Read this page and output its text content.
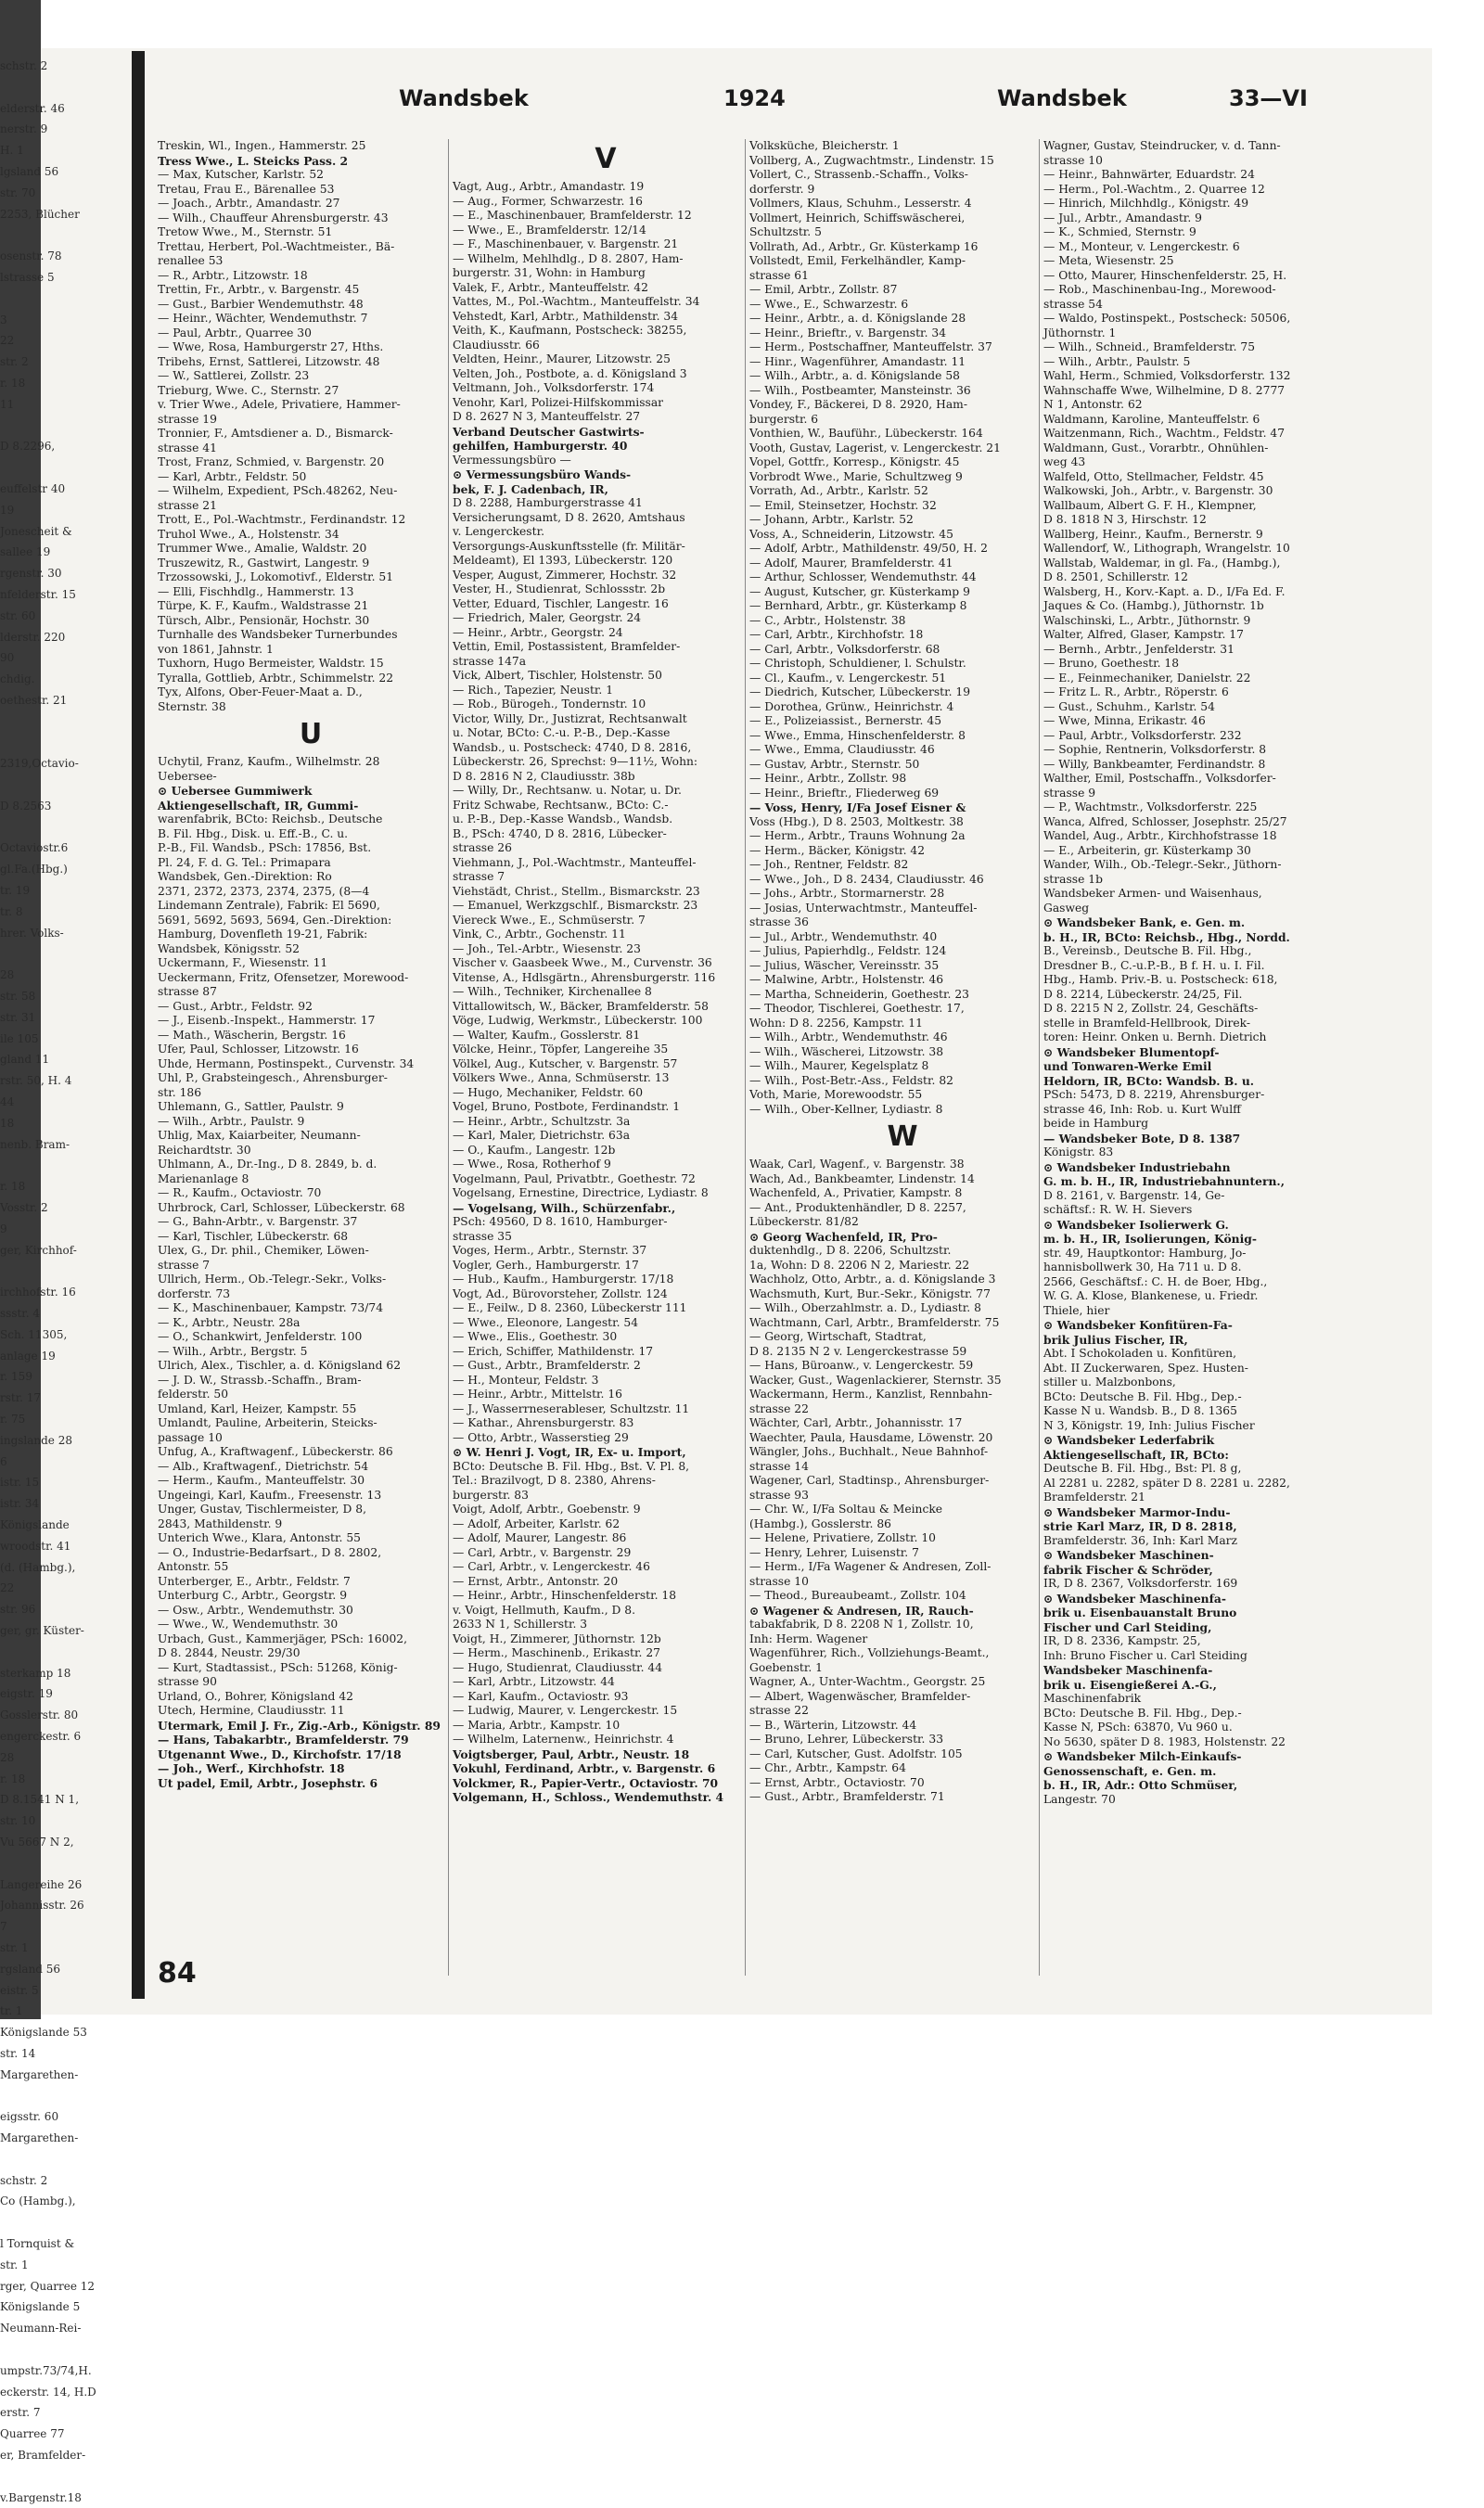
schstr. 2

elderstr. 46
nerstr. 9
H. 1
lgsland 56
str. 70
2253, Blücher

osenstr. 78
lstrasse 5

3
22
str. 2
r. 18
11

D 8.2296,

euffelstr 40
19
Jonescheit &
sallee 19
rgenstr. 30
nfelderstr. 15
str. 60
lderstr. 220
90
chdig.
oethestr. 21

2319,Octavio-

D 8.2563

Octaviostr.6
gl.Fa.(Hbg.)
tr. 19
tr. 8
hrer. Volks-

28
str. 58
str. 31
ile 105
gland 11
rstr. 50, H. 4
44
18
nenb. Bram-

r. 18
Vosstr. 2
9
ger, Kirchhof-

irchhofstr. 16
ssstr. 4
Sch. 11305,
anlage 19
r. 159
rstr. 17
r. 75
ingslande 28
6
istr. 15
istr. 34
Königslande
wroodstr. 41
(d. (Hambg.),
22
str. 96
ger, gr. Küster-

sterkamp 18
eigstr. 19
Gosslerstr. 80
engerckestr. 6
28
r. 18
D 8.1541 N 1,
str. 10
Vu 5667 N 2,

Langereihe 26
Johannisstr. 26
7
str. 1
rgsland 56
eistr. 5
tr. 1
Königslande 53
str. 14
Margarethen-

eigsstr. 60
Margarethen-

schstr. 2
Co (Hambg.),

l Tornquist &
str. 1
rger, Quarree 12
Königslande 5
Neumann-Rei-

umpstr.73/74,H.
eckerstr. 14, H.D
erstr. 7
Quarree 77
er, Bramfelder-

v.Bargenstr.18
Wandsbek	1924	Wandsbek	33—VI
Treskin, Wl., Ingen., Hammerstr. 25
Tress Wwe., L. Steicks Pass. 2
— Max, Kutscher, Karlstr. 52
Tretau, Frau E., Bärenallee 53
— Joach., Arbtr., Amandastr. 27
— Wilh., Chauffeur Ahrensburgerstr. 43
Tretow Wwe., M., Sternstr. 51
Trettau, Herbert, Pol.-Wachtmeister., Bä-
renallee 53
— R., Arbtr., Litzowstr. 18
Trettin, Fr., Arbtr., v. Bargenstr. 45
— Gust., Barbier Wendemuthstr. 48
— Heinr., Wächter, Wendemuthstr. 7
— Paul, Arbtr., Quarree 30
— Wwe, Rosa, Hamburgerstr 27, Hths.
Tribehs, Ernst, Sattlerei, Litzowstr. 48
— W., Sattlerei, Zollstr. 23
Trieburg, Wwe. C., Sternstr. 27
v. Trier Wwe., Adele, Privatiere, Hammer-
strasse 19
Tronnier, F., Amtsdiener a. D., Bismarck-
strasse 41
Trost, Franz, Schmied, v. Bargenstr. 20
— Karl, Arbtr., Feldstr. 50
— Wilhelm, Expedient, PSch.48262, Neu-
strasse 21
Trott, E., Pol.-Wachtmstr., Ferdinandstr. 12
Truhol Wwe., A., Holstenstr. 34
Trummer Wwe., Amalie, Waldstr. 20
Truszewitz, R., Gastwirt, Langestr. 9
Trzossowski, J., Lokomotivf., Elderstr. 51
— Elli, Fischhdlg., Hammerstr. 13
Türpe, K. F., Kaufm., Waldstrasse 21
Türsch, Albr., Pensionär, Hochstr. 30
Turnhalle des Wandsbeker Turnerbundes
von 1861, Jahnstr. 1
Tuxhorn, Hugo Bermeister, Waldstr. 15
Tyralla, Gottlieb, Arbtr., Schimmelstr. 22
Tyx, Alfons, Ober-Feuer-Maat a. D.,
Sternstr. 38
U
Uchytil, Franz, Kaufm., Wilhelmstr. 28
Uebersee-
⊙ Uebersee Gummiwerk
Aktiengesellschaft, IR, Gummi-
warenfabrik, BCto: Reichsb., Deutsche
B. Fil. Hbg., Disk. u. Eff.-B., C. u.
P.-B., Fil. Wandsb., PSch: 17856, Bst.
Pl. 24, F. d. G. Tel.: Primapara
Wandsbek, Gen.-Direktion: Ro
2371, 2372, 2373, 2374, 2375, (8—4
Lindemann Zentrale), Fabrik: El 5690,
5691, 5692, 5693, 5694, Gen.-Direktion:
Hamburg, Dovenfleth 19-21, Fabrik:
Wandsbek, Königsstr. 52
Uckermann, F., Wiesenstr. 11
Ueckermann, Fritz, Ofensetzer, Morewood-
strasse 87
— Gust., Arbtr., Feldstr. 92
— J., Eisenb.-Inspekt., Hammerstr. 17
— Math., Wäscherin, Bergstr. 16
Ufer, Paul, Schlosser, Litzowstr. 16
Uhde, Hermann, Postinspekt., Curvenstr. 34
Uhl, P., Grabsteingesch., Ahrensburger-
str. 186
Uhlemann, G., Sattler, Paulstr. 9
— Wilh., Arbtr., Paulstr. 9
Uhlig, Max, Kaiarbeiter, Neumann-
Reichardtstr. 30
Uhlmann, A., Dr.-Ing., D 8. 2849, b. d.
Marienanlage 8
— R., Kaufm., Octaviostr. 70
Uhrbrock, Carl, Schlosser, Lübeckerstr. 68
— G., Bahn-Arbtr., v. Bargenstr. 37
— Karl, Tischler, Lübeckerstr. 68
Ulex, G., Dr. phil., Chemiker, Löwen-
strasse 7
Ullrich, Herm., Ob.-Telegr.-Sekr., Volks-
dorferstr. 73
— K., Maschinenbauer, Kampstr. 73/74
— K., Arbtr., Neustr. 28a
— O., Schankwirt, Jenfelderstr. 100
— Wilh., Arbtr., Bergstr. 5
Ulrich, Alex., Tischler, a. d. Königsland 62
— J. D. W., Strassb.-Schaffn., Bram-
felderstr. 50
Umland, Karl, Heizer, Kampstr. 55
Umlandt, Pauline, Arbeiterin, Steicks-
passage 10
Unfug, A., Kraftwagenf., Lübeckerstr. 86
— Alb., Kraftwagenf., Dietrichstr. 54
— Herm., Kaufm., Manteuffelstr. 30
Ungeingi, Karl, Kaufm., Freesenstr. 13
Unger, Gustav, Tischlermeister, D 8,
2843, Mathildenstr. 9
Unterich Wwe., Klara, Antonstr. 55
— O., Industrie-Bedarfsart., D 8. 2802,
Antonstr. 55
Unterberger, E., Arbtr., Feldstr. 7
Unterburg C., Arbtr., Georgstr. 9
— Osw., Arbtr., Wendemuthstr. 30
— Wwe., W., Wendemuthstr. 30
Urbach, Gust., Kammerjäger, PSch: 16002,
D 8. 2844, Neustr. 29/30
— Kurt, Stadtassist., PSch: 51268, König-
strasse 90
Urland, O., Bohrer, Königsland 42
Utech, Hermine, Claudiusstr. 11
Utermark, Emil J. Fr., Zig.-Arb., Königstr. 89
— Hans, Tabakarbtr., Bramfelderstr. 79
Utgenannt Wwe., D., Kirchofstr. 17/18
— Joh., Werf., Kirchhofstr. 18
Ut padel, Emil, Arbtr., Josephstr. 6
V
Vagt, Aug., Arbtr., Amandastr. 19
— Aug., Former, Schwarzestr. 16
— E., Maschinenbauer, Bramfelderstr. 12
— Wwe., E., Bramfelderstr. 12/14
— F., Maschinenbauer, v. Bargenstr. 21
— Wilhelm, Mehlhdlg., D 8. 2807, Ham-
burgerstr. 31, Wohn: in Hamburg
Valek, F., Arbtr., Manteuffelstr. 42
Vattes, M., Pol.-Wachtm., Manteuffelstr. 34
Vehstedt, Karl, Arbtr., Mathildenstr. 34
Veith, K., Kaufmann, Postscheck: 38255,
Claudiusstr. 66
Veldten, Heinr., Maurer, Litzowstr. 25
Velten, Joh., Postbote, a. d. Königsland 3
Veltmann, Joh., Volksdorferstr. 174
Venohr, Karl, Polizei-Hilfskommissar
D 8. 2627 N 3, Manteuffelstr. 27
Verband Deutscher Gastwirts-
gehilfen, Hamburgerstr. 40
Vermessungsbüro —
⊙ Vermessungsbüro Wands-
bek, F. J. Cadenbach, IR,
D 8. 2288, Hamburgerstrasse 41
Versicherungsamt, D 8. 2620, Amtshaus
v. Lengerckestr.
Versorgungs-Auskunftsstelle (fr. Militär-
Meldeamt), El 1393, Lübeckerstr. 120
Vesper, August, Zimmerer, Hochstr. 32
Vester, H., Studienrat, Schlossstr. 2b
Vetter, Eduard, Tischler, Langestr. 16
— Friedrich, Maler, Georgstr. 24
— Heinr., Arbtr., Georgstr. 24
Vettin, Emil, Postassistent, Bramfelder-
strasse 147a
Vick, Albert, Tischler, Holstenstr. 50
— Rich., Tapezier, Neustr. 1
— Rob., Bürogeh., Tondernstr. 10
Victor, Willy, Dr., Justizrat, Rechtsanwalt
u. Notar, BCto: C.-u. P.-B., Dep.-Kasse
Wandsb., u. Postscheck: 4740, D 8. 2816,
Lübeckerstr. 26, Sprechst: 9—11½, Wohn:
D 8. 2816 N 2, Claudiusstr. 38b
— Willy, Dr., Rechtsanw. u. Notar, u. Dr.
Fritz Schwabe, Rechtsanw., BCto: C.-
u. P.-B., Dep.-Kasse Wandsb., Wandsb.
B., PSch: 4740, D 8. 2816, Lübecker-
strasse 26
Viehmann, J., Pol.-Wachtmstr., Manteuffel-
strasse 7
Viehstädt, Christ., Stellm., Bismarckstr. 23
— Emanuel, Werkzgschlf., Bismarckstr. 23
Viereck Wwe., E., Schmüserstr. 7
Vink, C., Arbtr., Gochenstr. 11
— Joh., Tel.-Arbtr., Wiesenstr. 23
Vischer v. Gaasbeek Wwe., M., Curvenstr. 36
Vitense, A., Hdlsgärtn., Ahrensburgerstr. 116
— Wilh., Techniker, Kirchenallee 8
Vittallowitsch, W., Bäcker, Bramfelderstr. 58
Vöge, Ludwig, Werkmstr., Lübeckerstr. 100
— Walter, Kaufm., Gosslerstr. 81
Völcke, Heinr., Töpfer, Langereihe 35
Völkel, Aug., Kutscher, v. Bargenstr. 57
Völkers Wwe., Anna, Schmüserstr. 13
— Hugo, Mechaniker, Feldstr. 60
Vogel, Bruno, Postbote, Ferdinandstr. 1
— Heinr., Arbtr., Schultzstr. 3a
— Karl, Maler, Dietrichstr. 63a
— O., Kaufm., Langestr. 12b
— Wwe., Rosa, Rotherhof 9
Vogelmann, Paul, Privatbtr., Goethestr. 72
Vogelsang, Ernestine, Directrice, Lydiastr. 8
— Vogelsang, Wilh., Schürzenfabr.,
PSch: 49560, D 8. 1610, Hamburger-
strasse 35
Voges, Herm., Arbtr., Sternstr. 37
Vogler, Gerh., Hamburgerstr. 17
— Hub., Kaufm., Hamburgerstr. 17/18
Vogt, Ad., Bürovorsteher, Zollstr. 124
— E., Feilw., D 8. 2360, Lübeckerstr 111
— Wwe., Eleonore, Langestr. 54
— Wwe., Elis., Goethestr. 30
— Erich, Schiffer, Mathildenstr. 17
— Gust., Arbtr., Bramfelderstr. 2
— H., Monteur, Feldstr. 3
— Heinr., Arbtr., Mittelstr. 16
— J., Wasserrneserableser, Schultzstr. 11
— Kathar., Ahrensburgerstr. 83
— Otto, Arbtr., Wasserstieg 29
⊙ W. Henri J. Vogt, IR, Ex- u. Import,
BCto: Deutsche B. Fil. Hbg., Bst. V. Pl. 8,
Tel.: Brazilvogt, D 8. 2380, Ahrens-
burgerstr. 83
Voigt, Adolf, Arbtr., Goebenstr. 9
— Adolf, Arbeiter, Karlstr. 62
— Adolf, Maurer, Langestr. 86
— Carl, Arbtr., v. Bargenstr. 29
— Carl, Arbtr., v. Lengerckestr. 46
— Ernst, Arbtr., Antonstr. 20
— Heinr., Arbtr., Hinschenfelderstr. 18
v. Voigt, Hellmuth, Kaufm., D 8.
2633 N 1, Schillerstr. 3
Voigt, H., Zimmerer, Jüthornstr. 12b
— Herm., Maschinenb., Erikastr. 27
— Hugo, Studienrat, Claudiusstr. 44
— Karl, Arbtr., Litzowstr. 44
— Karl, Kaufm., Octaviostr. 93
— Ludwig, Maurer, v. Lengerckestr. 15
— Maria, Arbtr., Kampstr. 10
— Wilhelm, Laternenw., Heinrichstr. 4
Voigtsberger, Paul, Arbtr., Neustr. 18
Vokuhl, Ferdinand, Arbtr., v. Bargenstr. 6
Volckmer, R., Papier-Vertr., Octaviostr. 70
Volgemann, H., Schloss., Wendemuthstr. 4
Volksküche, Bleicherstr. 1
Vollberg, A., Zugwachtmstr., Lindenstr. 15
Vollert, C., Strassenb.-Schaffn., Volks-
dorferstr. 9
Vollmers, Klaus, Schuhm., Lesserstr. 4
Vollmert, Heinrich, Schiffswäscherei,
Schultzstr. 5
Vollrath, Ad., Arbtr., Gr. Küsterkamp 16
Vollstedt, Emil, Ferkelhändler, Kamp-
strasse 61
— Emil, Arbtr., Zollstr. 87
— Wwe., E., Schwarzestr. 6
— Heinr., Arbtr., a. d. Königslande 28
— Heinr., Brieftr., v. Bargenstr. 34
— Herm., Postschaffner, Manteuffelstr. 37
— Hinr., Wagenführer, Amandastr. 11
— Wilh., Arbtr., a. d. Königslande 58
— Wilh., Postbeamter, Mansteinstr. 36
Vondey, F., Bäckerei, D 8. 2920, Ham-
burgerstr. 6
Vonthien, W., Bauführ., Lübeckerstr. 164
Vooth, Gustav, Lagerist, v. Lengerckestr. 21
Vopel, Gottfr., Korresp., Königstr. 45
Vorbrodt Wwe., Marie, Schultzweg 9
Vorrath, Ad., Arbtr., Karlstr. 52
— Emil, Steinsetzer, Hochstr. 32
— Johann, Arbtr., Karlstr. 52
Voss, A., Schneiderin, Litzowstr. 45
— Adolf, Arbtr., Mathildenstr. 49/50, H. 2
— Adolf, Maurer, Bramfelderstr. 41
— Arthur, Schlosser, Wendemuthstr. 44
— August, Kutscher, gr. Küsterkamp 9
— Bernhard, Arbtr., gr. Küsterkamp 8
— C., Arbtr., Holstenstr. 38
— Carl, Arbtr., Kirchhofstr. 18
— Carl, Arbtr., Volksdorferstr. 68
— Christoph, Schuldiener, l. Schulstr.
— Cl., Kaufm., v. Lengerckestr. 51
— Diedrich, Kutscher, Lübeckerstr. 19
— Dorothea, Grünw., Heinrichstr. 4
— E., Polizeiassist., Bernerstr. 45
— Wwe., Emma, Hinschenfelderstr. 8
— Wwe., Emma, Claudiusstr. 46
— Gustav, Arbtr., Sternstr. 50
— Heinr., Arbtr., Zollstr. 98
— Heinr., Brieftr., Fliederweg 69
— Voss, Henry, I/Fa Josef Eisner &
Voss (Hbg.), D 8. 2503, Moltkestr. 38
— Herm., Arbtr., Trauns Wohnung 2a
— Herm., Bäcker, Königstr. 42
— Joh., Rentner, Feldstr. 82
— Wwe., Joh., D 8. 2434, Claudiusstr. 46
— Johs., Arbtr., Stormarnerstr. 28
— Josias, Unterwachtmstr., Manteuffel-
strasse 36
— Jul., Arbtr., Wendemuthstr. 40
— Julius, Papierhdlg., Feldstr. 124
— Julius, Wäscher, Vereinsstr. 35
— Malwine, Arbtr., Holstenstr. 46
— Martha, Schneiderin, Goethestr. 23
— Theodor, Tischlerei, Goethestr. 17,
Wohn: D 8. 2256, Kampstr. 11
— Wilh., Arbtr., Wendemuthstr. 46
— Wilh., Wäscherei, Litzowstr. 38
— Wilh., Maurer, Kegelsplatz 8
— Wilh., Post-Betr.-Ass., Feldstr. 82
Voth, Marie, Morewoodstr. 55
— Wilh., Ober-Kellner, Lydiastr. 8
W
Waak, Carl, Wagenf., v. Bargenstr. 38
Wach, Ad., Bankbeamter, Lindenstr. 14
Wachenfeld, A., Privatier, Kampstr. 8
— Ant., Produktenhändler, D 8. 2257,
Lübeckerstr. 81/82
⊙ Georg Wachenfeld, IR, Pro-
duktenhdlg., D 8. 2206, Schultzstr.
1a, Wohn: D 8. 2206 N 2, Mariestr. 22
Wachholz, Otto, Arbtr., a. d. Königslande 3
Wachsmuth, Kurt, Bur.-Sekr., Königstr. 77
— Wilh., Oberzahlmstr. a. D., Lydiastr. 8
Wachtmann, Carl, Arbtr., Bramfelderstr. 75
— Georg, Wirtschaft, Stadtrat,
D 8. 2135 N 2 v. Lengerckestrasse 59
— Hans, Büroanw., v. Lengerckestr. 59
Wacker, Gust., Wagenlackierer, Sternstr. 35
Wackermann, Herm., Kanzlist, Rennbahn-
strasse 22
Wächter, Carl, Arbtr., Johannisstr. 17
Waechter, Paula, Hausdame, Löwenstr. 20
Wängler, Johs., Buchhalt., Neue Bahnhof-
strasse 14
Wagener, Carl, Stadtinsp., Ahrensburger-
strasse 93
— Chr. W., I/Fa Soltau & Meincke
(Hambg.), Gosslerstr. 86
— Helene, Privatiere, Zollstr. 10
— Henry, Lehrer, Luisenstr. 7
— Herm., I/Fa Wagener & Andresen, Zoll-
strasse 10
— Theod., Bureaubeamt., Zollstr. 104
⊙ Wagener & Andresen, IR, Rauch-
tabakfabrik, D 8. 2208 N 1, Zollstr. 10,
Inh: Herm. Wagener
Wagenführer, Rich., Vollziehungs-Beamt.,
Goebenstr. 1
Wagner, A., Unter-Wachtm., Georgstr. 25
— Albert, Wagenwäscher, Bramfelder-
strasse 22
— B., Wärterin, Litzowstr. 44
— Bruno, Lehrer, Lübeckerstr. 33
— Carl, Kutscher, Gust. Adolfstr. 105
— Chr., Arbtr., Kampstr. 64
— Ernst, Arbtr., Octaviostr. 70
— Gust., Arbtr., Bramfelderstr. 71
Wagner, Gustav, Steindrucker, v. d. Tann-
strasse 10
— Heinr., Bahnwärter, Eduardstr. 24
— Herm., Pol.-Wachtm., 2. Quarree 12
— Hinrich, Milchhdlg., Königstr. 49
— Jul., Arbtr., Amandastr. 9
— K., Schmied, Sternstr. 9
— M., Monteur, v. Lengerckestr. 6
— Meta, Wiesenstr. 25
— Otto, Maurer, Hinschenfelderstr. 25, H.
— Rob., Maschinenbau-Ing., Morewood-
strasse 54
— Waldo, Postinspekt., Postscheck: 50506,
Jüthornstr. 1
— Wilh., Schneid., Bramfelderstr. 75
— Wilh., Arbtr., Paulstr. 5
Wahl, Herm., Schmied, Volksdorferstr. 132
Wahnschaffe Wwe, Wilhelmine, D 8. 2777
N 1, Antonstr. 62
Waldmann, Karoline, Manteuffelstr. 6
Waitzenmann, Rich., Wachtm., Feldstr. 47
Waldmann, Gust., Vorarbtr., Ohnühlen-
weg 43
Walfeld, Otto, Stellmacher, Feldstr. 45
Walkowski, Joh., Arbtr., v. Bargenstr. 30
Wallbaum, Albert G. F. H., Klempner,
D 8. 1818 N 3, Hirschstr. 12
Wallberg, Heinr., Kaufm., Bernerstr. 9
Wallendorf, W., Lithograph, Wrangelstr. 10
Wallstab, Waldemar, in gl. Fa., (Hambg.),
D 8. 2501, Schillerstr. 12
Walsberg, H., Korv.-Kapt. a. D., I/Fa Ed. F.
Jaques & Co. (Hambg.), Jüthornstr. 1b
Walschinski, L., Arbtr., Jüthornstr. 9
Walter, Alfred, Glaser, Kampstr. 17
— Bernh., Arbtr., Jenfelderstr. 31
— Bruno, Goethestr. 18
— E., Feinmechaniker, Danielstr. 22
— Fritz L. R., Arbtr., Röperstr. 6
— Gust., Schuhm., Karlstr. 54
— Wwe, Minna, Erikastr. 46
— Paul, Arbtr., Volksdorferstr. 232
— Sophie, Rentnerin, Volksdorferstr. 8
— Willy, Bankbeamter, Ferdinandstr. 8
Walther, Emil, Postschaffn., Volksdorfer-
strasse 9
— P., Wachtmstr., Volksdorferstr. 225
Wanca, Alfred, Schlosser, Josephstr. 25/27
Wandel, Aug., Arbtr., Kirchhofstrasse 18
— E., Arbeiterin, gr. Küsterkamp 30
Wander, Wilh., Ob.-Telegr.-Sekr., Jüthorn-
strasse 1b
Wandsbeker Armen- und Waisenhaus,
Gasweg
⊙ Wandsbeker Bank, e. Gen. m.
b. H., IR, BCto: Reichsb., Hbg., Nordd.
B., Vereinsb., Deutsche B. Fil. Hbg.,
Dresdner B., C.-u.P.-B., B f. H. u. I. Fil.
Hbg., Hamb. Priv.-B. u. Postscheck: 618,
D 8. 2214, Lübeckerstr. 24/25, Fil.
D 8. 2215 N 2, Zollstr. 24, Geschäfts-
stelle in Bramfeld-Hellbrook, Direk-
toren: Heinr. Onken u. Bernh. Dietrich
⊙ Wandsbeker Blumentopf-
und Tonwaren-Werke Emil
Heldorn, IR, BCto: Wandsb. B. u.
PSch: 5473, D 8. 2219, Ahrensburger-
strasse 46, Inh: Rob. u. Kurt Wulff
beide in Hamburg
— Wandsbeker Bote, D 8. 1387
Königstr. 83
⊙ Wandsbeker Industriebahn
G. m. b. H., IR, Industriebahnuntern.,
D 8. 2161, v. Bargenstr. 14, Ge-
schäftsf.: R. W. H. Sievers
⊙ Wandsbeker Isolierwerk G.
m. b. H., IR, Isolierungen, König-
str. 49, Hauptkontor: Hamburg, Jo-
hannisbollwerk 30, Ha 711 u. D 8.
2566, Geschäftsf.: C. H. de Boer, Hbg.,
W. G. A. Klose, Blankenese, u. Friedr.
Thiele, hier
⊙ Wandsbeker Konfitüren-Fa-
brik Julius Fischer, IR,
Abt. I Schokoladen u. Konfitüren,
Abt. II Zuckerwaren, Spez. Husten-
stiller u. Malzbonbons,
BCto: Deutsche B. Fil. Hbg., Dep.-
Kasse N u. Wandsb. B., D 8. 1365
N 3, Königstr. 19, Inh: Julius Fischer
⊙ Wandsbeker Lederfabrik
Aktiengesellschaft, IR, BCto:
Deutsche B. Fil. Hbg., Bst: Pl. 8 g,
Al 2281 u. 2282, später D 8. 2281 u. 2282,
Bramfelderstr. 21
⊙ Wandsbeker Marmor-Indu-
strie Karl Marz, IR, D 8. 2818,
Bramfelderstr. 36, Inh: Karl Marz
⊙ Wandsbeker Maschinen-
fabrik Fischer & Schröder,
IR, D 8. 2367, Volksdorferstr. 169
⊙ Wandsbeker Maschinenfa-
brik u. Eisenbauanstalt Bruno
Fischer und Carl Steiding,
IR, D 8. 2336, Kampstr. 25,
Inh: Bruno Fischer u. Carl Steiding
Wandsbeker Maschinenfa-
brik u. Eisengießerei A.-G.,
Maschinenfabrik
BCto: Deutsche B. Fil. Hbg., Dep.-
Kasse N, PSch: 63870, Vu 960 u.
No 5630, später D 8. 1983, Holstenstr. 22
⊙ Wandsbeker Milch-Einkaufs-
Genossenschaft, e. Gen. m.
b. H., IR, Adr.: Otto Schmüser,
Langestr. 70
84
